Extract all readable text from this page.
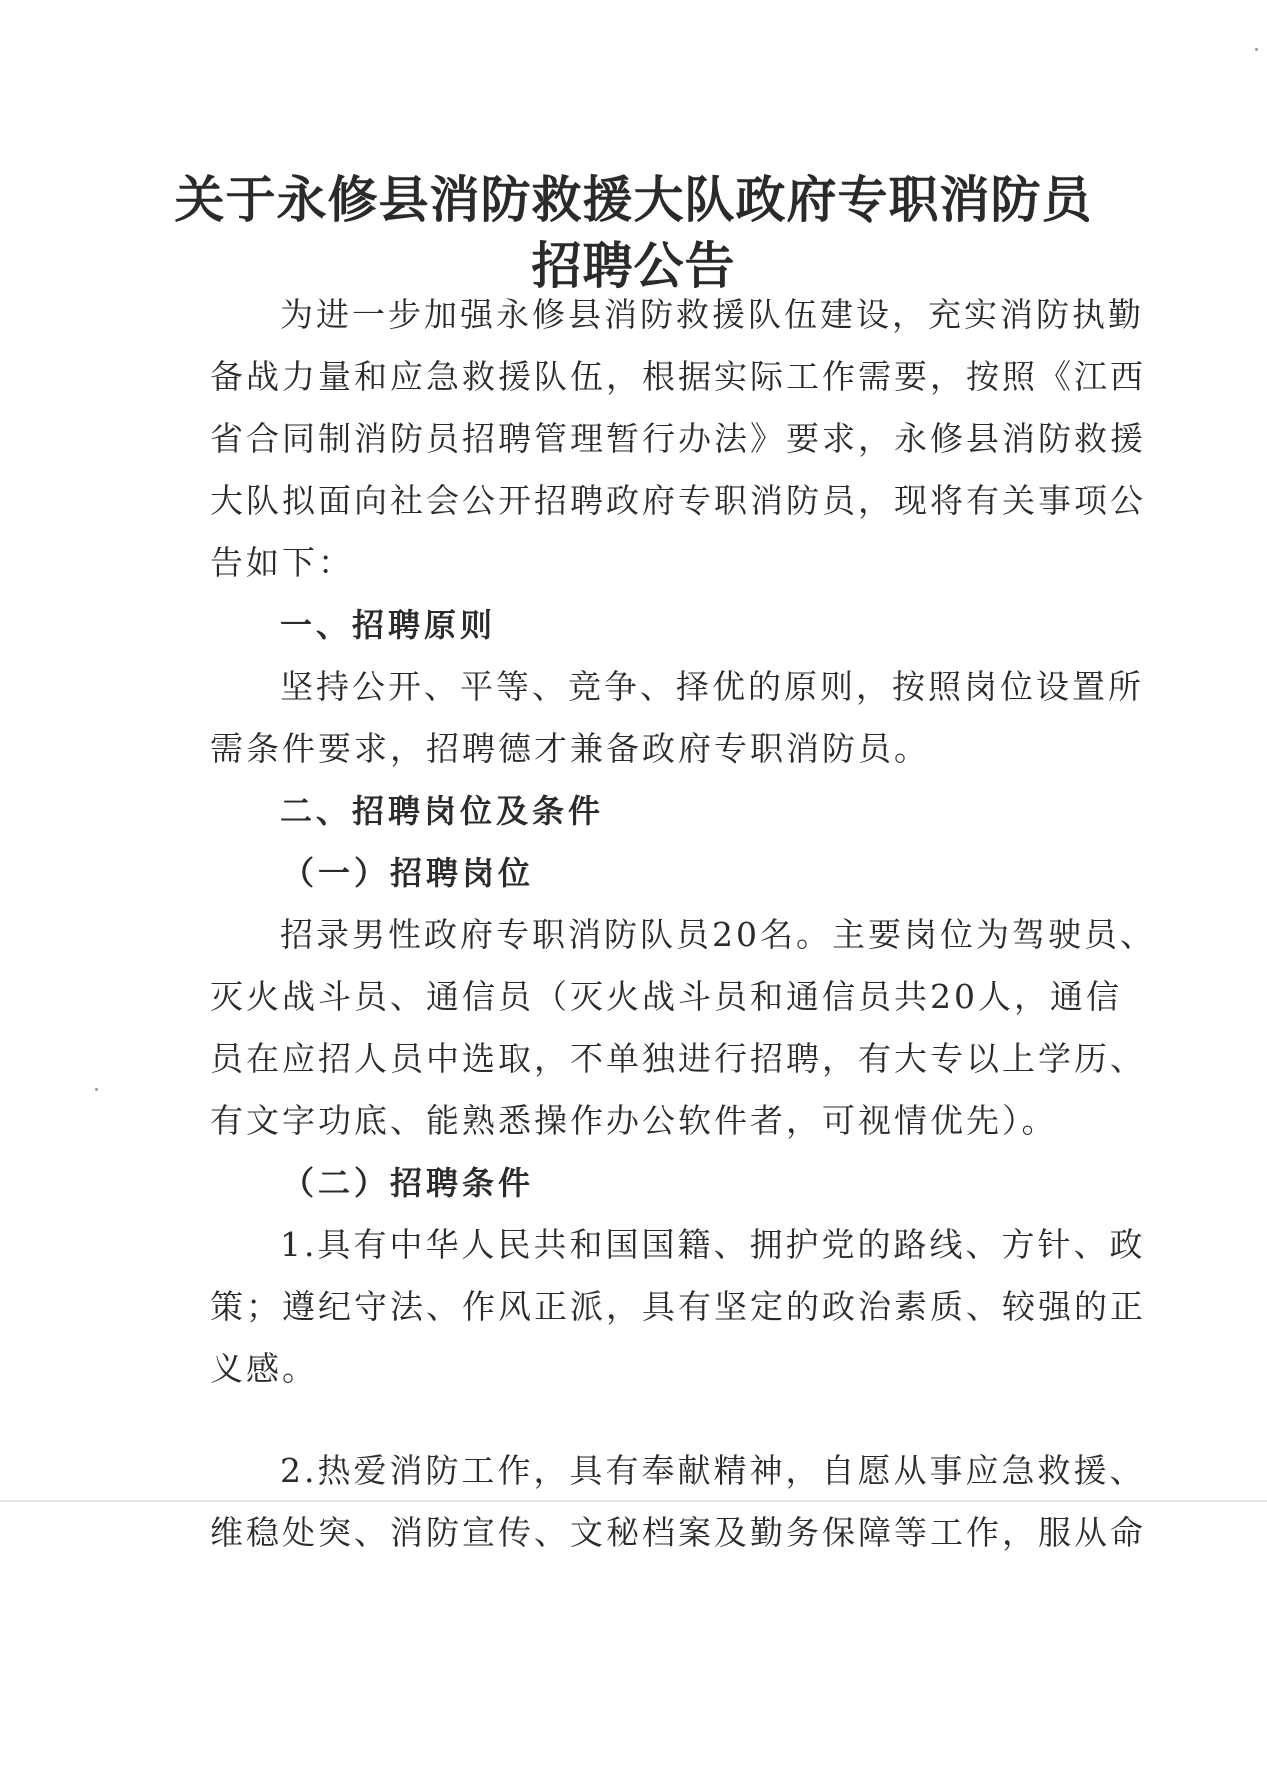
关于永修县消防救援大队政府专职消防员
招聘公告
为进一步加强永修县消防救援队伍建设，充实消防执勤
备战力量和应急救援队伍，根据实际工作需要，按照《江西
省合同制消防员招聘管理暂行办法》要求，永修县消防救援
大队拟面向社会公开招聘政府专职消防员，现将有关事项公
告如下：
一、招聘原则
坚持公开、平等、竞争、择优的原则，按照岗位设置所
需条件要求，招聘德才兼备政府专职消防员。
二、招聘岗位及条件
（一）招聘岗位
招录男性政府专职消防队员20名。主要岗位为驾驶员、
灭火战斗员、通信员（灭火战斗员和通信员共20人，通信
员在应招人员中选取，不单独进行招聘，有大专以上学历、
有文字功底、能熟悉操作办公软件者，可视情优先）。
（二）招聘条件
1.具有中华人民共和国国籍、拥护党的路线、方针、政
策；遵纪守法、作风正派，具有坚定的政治素质、较强的正
义感。
2.热爱消防工作，具有奉献精神，自愿从事应急救援、
维稳处突、消防宣传、文秘档案及勤务保障等工作，服从命
